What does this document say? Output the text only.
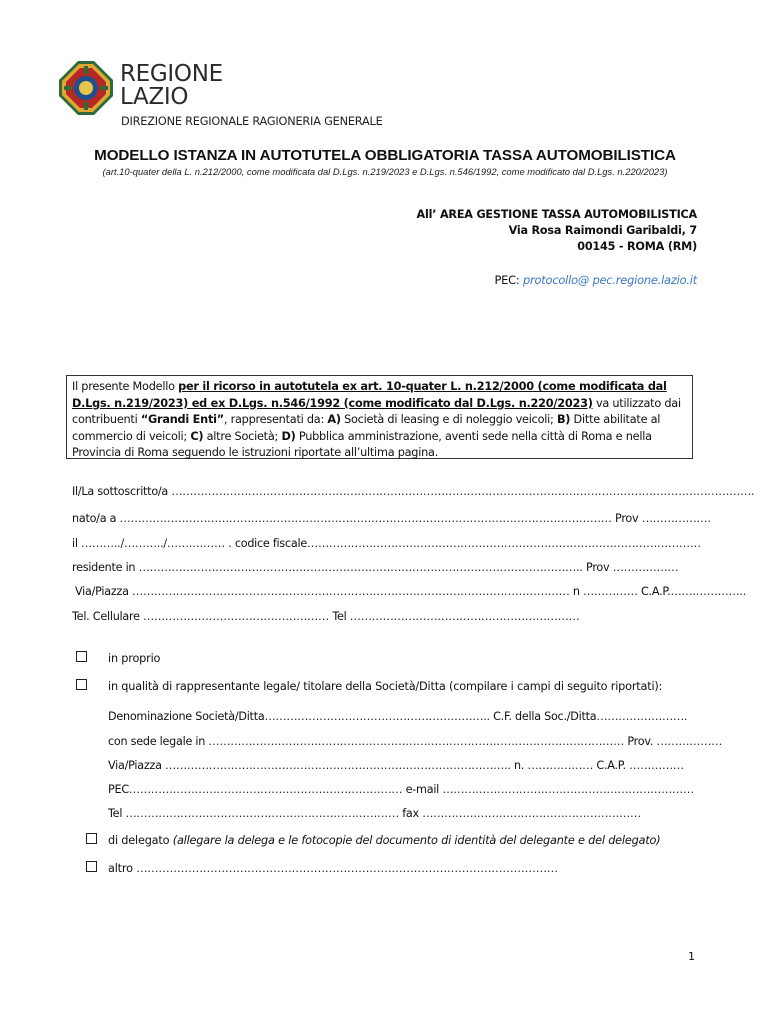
REGIONE
LAZIO
DIREZIONE REGIONALE RAGIONERIA GENERALE
MODELLO ISTANZA IN AUTOTUTELA OBBLIGATORIA TASSA AUTOMOBILISTICA
(art.10-quater della L. n.212/2000, come modificata dal D.Lgs. n.219/2023 e D.Lgs. n.546/1992, come modificato dal D.Lgs. n.220/2023)
All’ AREA GESTIONE TASSA AUTOMOBILISTICA
Via Rosa Raimondi Garibaldi, 7
00145 - ROMA (RM)
PEC: protocollo@ pec.regione.lazio.it
Il presente Modello per il ricorso in autotutela ex art. 10-quater L. n.212/2000 (come modificata dal D.Lgs. n.219/2023) ed ex D.Lgs. n.546/1992 (come modificato dal D.Lgs. n.220/2023) va utilizzato dai contribuenti “Grandi Enti”, rappresentati da: A) Società di leasing e di noleggio veicoli; B) Ditte abilitate al commercio di veicoli; C) altre Società; D) Pubblica amministrazione, aventi sede nella città di Roma e nella Provincia di Roma seguendo le istruzioni riportate all’ultima pagina.
Il/La sottoscritto/a …………………………………………………………………………………………………………………………………………….
nato/a a ……………………………………………………………………………………………………………………… Prov ……………….
il ………../………../…….……… . codice fiscale………………………………………………………………………………………………
residente in ………………………………………………………………………………………………………….. Prov ………………
Via/Piazza ………………………………………………………………………………………………………… n …………… C.A.P.…….…………..
Tel. Cellulare …………………………………………… Tel ………………………………………………………
in proprio
in qualità di rappresentante legale/ titolare della Società/Ditta (compilare i campi di seguito riportati):
Denominazione Società/Ditta…………………………………………………….. C.F. della Soc./Ditta…………………….
con sede legale in …………………………………………………………………………………………………… Prov. ………………
Via/Piazza ………………………………………………………………………………….. n. ……………… C.A.P. ……………
PEC………………………………………………………………… e-mail ……………………………………………………………
Tel ………………………………………………………………… fax ……………………………………………………
di delegato (allegare la delega e le fotocopie del documento di identità del delegante e del delegato)
altro ……………………………………………………………………………………………………
1
